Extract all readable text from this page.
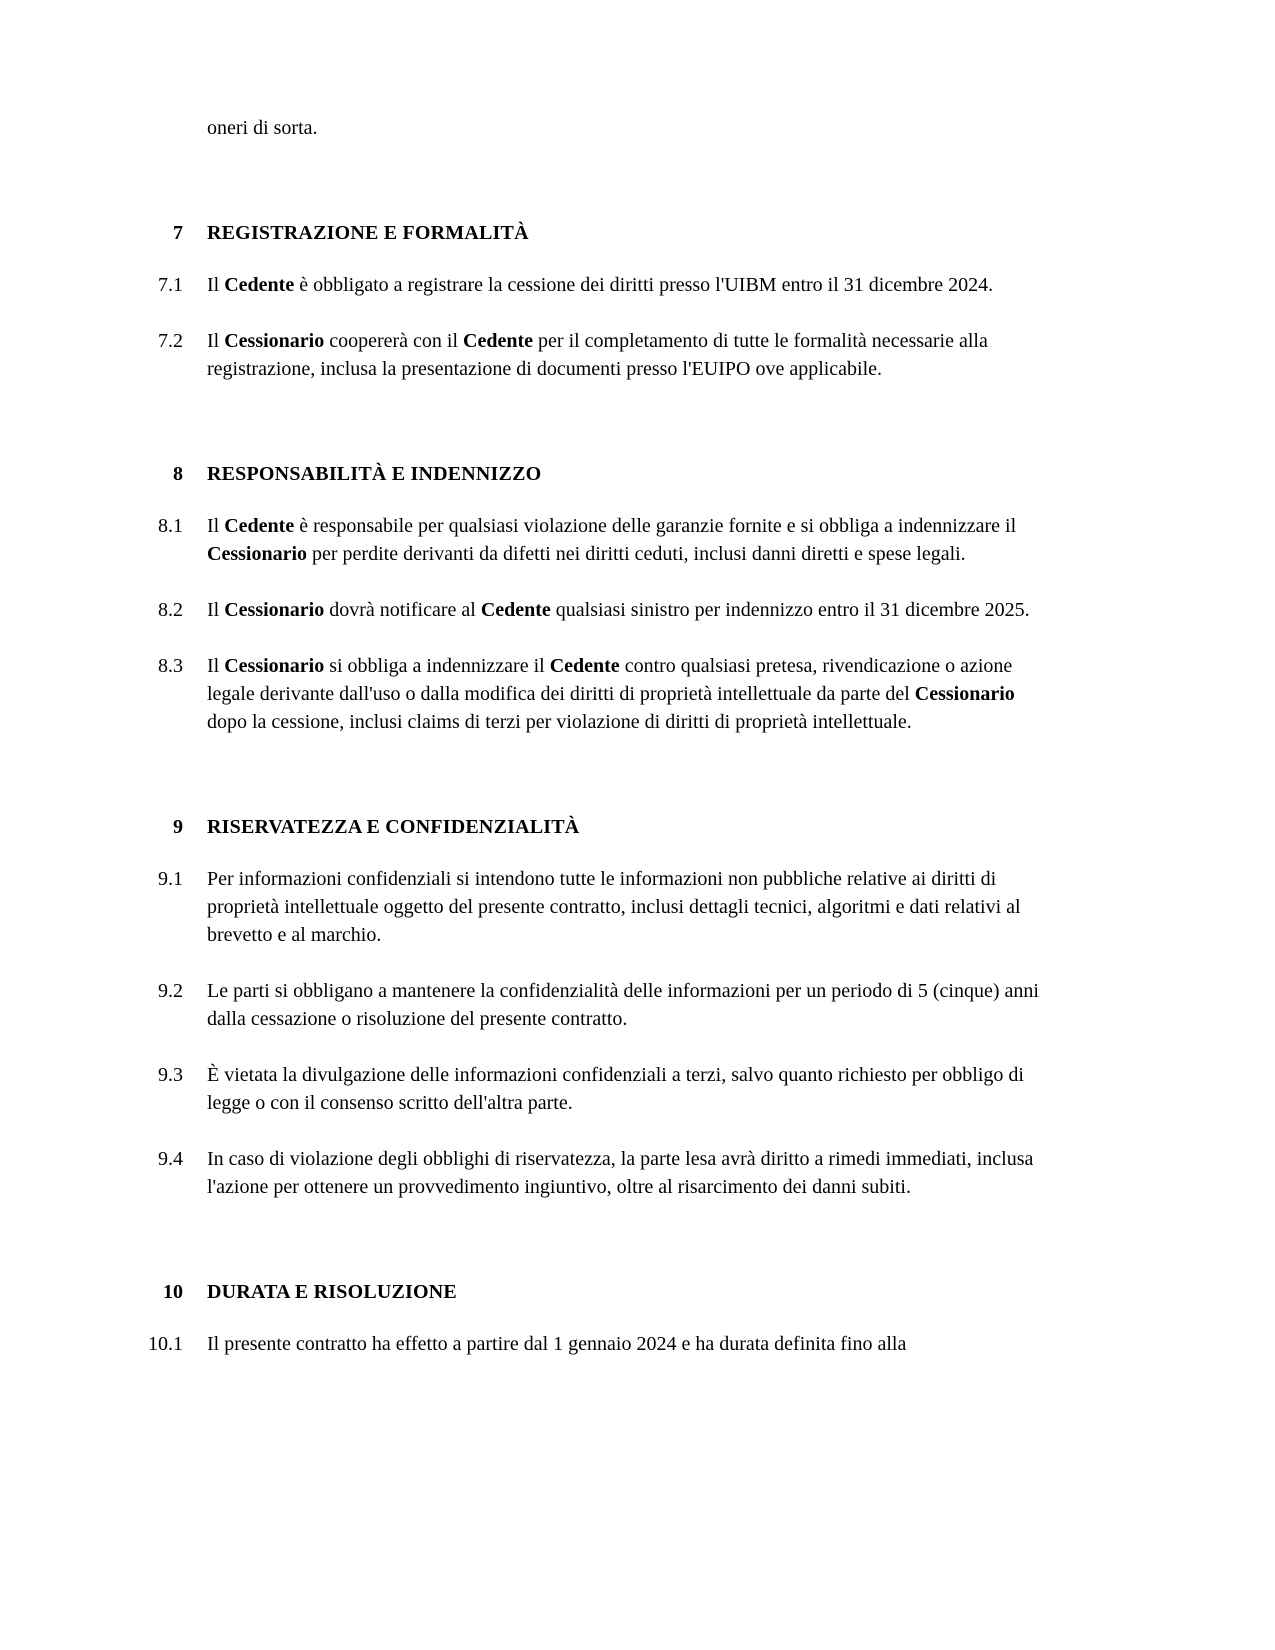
oneri di sorta.

7	REGISTRAZIONE E FORMALITÀ
7.1	Il Cedente è obbligato a registrare la cessione dei diritti presso l'UIBM entro il 31 dicembre 2024.

7.2	Il Cessionario coopererà con il Cedente per il completamento di tutte le formalità necessarie alla registrazione, inclusa la presentazione di documenti presso l'EUIPO ove applicabile.

8	RESPONSABILITÀ E INDENNIZZO
8.1	Il Cedente è responsabile per qualsiasi violazione delle garanzie fornite e si obbliga a indennizzare il Cessionario per perdite derivanti da difetti nei diritti ceduti, inclusi danni diretti e spese legali.

8.2	Il Cessionario dovrà notificare al Cedente qualsiasi sinistro per indennizzo entro il 31 dicembre 2025.

8.3	Il Cessionario si obbliga a indennizzare il Cedente contro qualsiasi pretesa, rivendicazione o azione legale derivante dall'uso o dalla modifica dei diritti di proprietà intellettuale da parte del Cessionario dopo la cessione, inclusi claims di terzi per violazione di diritti di proprietà intellettuale.

9	RISERVATEZZA E CONFIDENZIALITÀ
9.1	Per informazioni confidenziali si intendono tutte le informazioni non pubbliche relative ai diritti di proprietà intellettuale oggetto del presente contratto, inclusi dettagli tecnici, algoritmi e dati relativi al brevetto e al marchio.

9.2	Le parti si obbligano a mantenere la confidenzialità delle informazioni per un periodo di 5 (cinque) anni dalla cessazione o risoluzione del presente contratto.

9.3	È vietata la divulgazione delle informazioni confidenziali a terzi, salvo quanto richiesto per obbligo di legge o con il consenso scritto dell'altra parte.

9.4	In caso di violazione degli obblighi di riservatezza, la parte lesa avrà diritto a rimedi immediati, inclusa l'azione per ottenere un provvedimento ingiuntivo, oltre al risarcimento dei danni subiti.

10	DURATA E RISOLUZIONE
10.1	Il presente contratto ha effetto a partire dal 1 gennaio 2024 e ha durata definita fino alla
